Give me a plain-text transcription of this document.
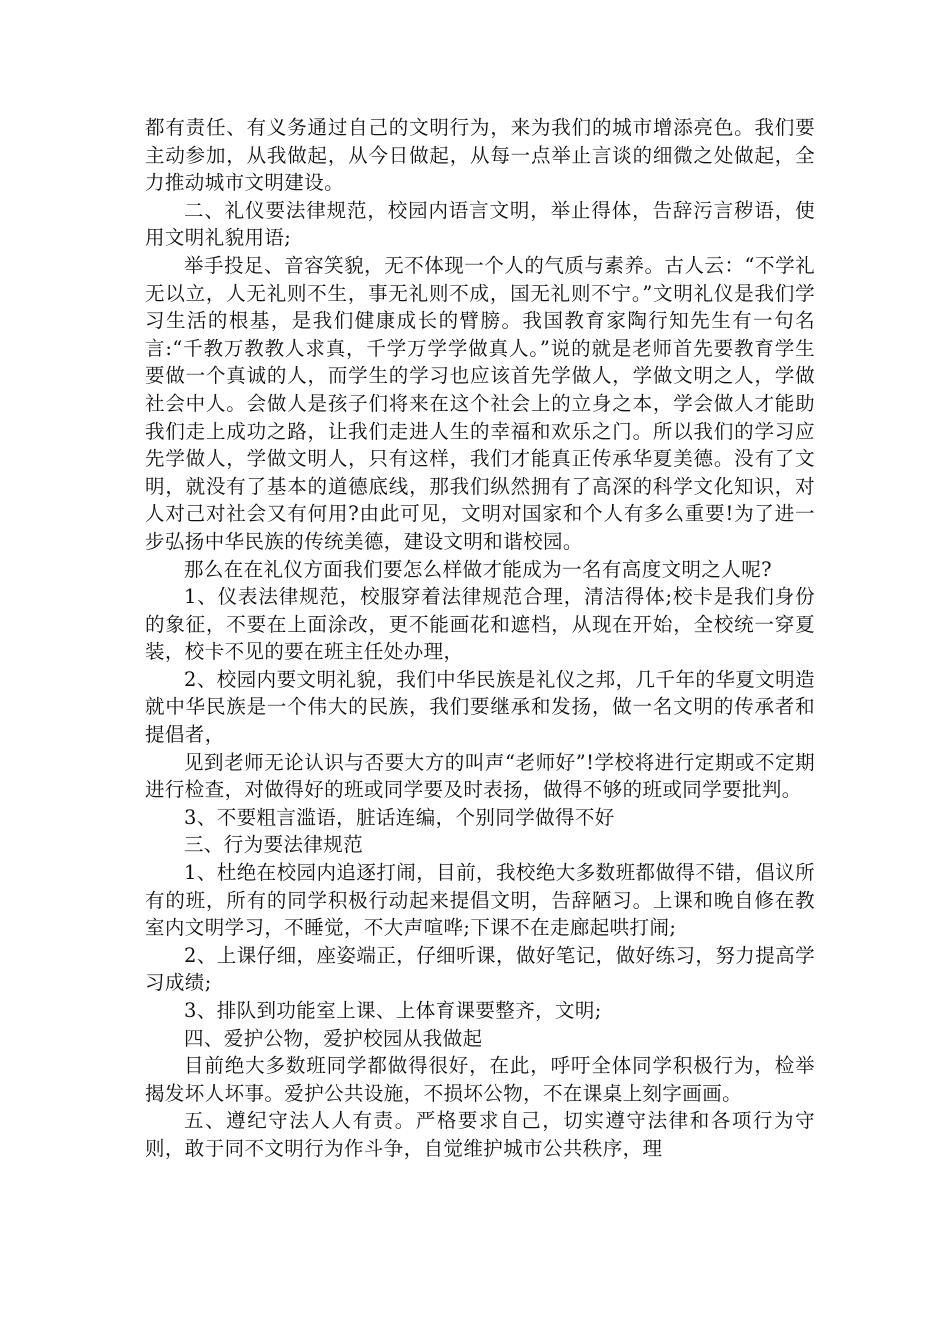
都有责任、有义务通过自己的文明行为，来为我们的城市增添亮色。我们要主动参加，从我做起，从今日做起，从每一点举止言谈的细微之处做起，全力推动城市文明建设。

二、礼仪要法律规范，校园内语言文明，举止得体，告辞污言秽语，使用文明礼貌用语;

举手投足、音容笑貌，无不体现一个人的气质与素养。古人云：“不学礼无以立，人无礼则不生，事无礼则不成，国无礼则不宁。”文明礼仪是我们学习生活的根基，是我们健康成长的臂膀。我国教育家陶行知先生有一句名言:“千教万教教人求真，千学万学学做真人。”说的就是老师首先要教育学生要做一个真诚的人，而学生的学习也应该首先学做人，学做文明之人，学做社会中人。会做人是孩子们将来在这个社会上的立身之本，学会做人才能助我们走上成功之路，让我们走进人生的幸福和欢乐之门。所以我们的学习应先学做人，学做文明人，只有这样，我们才能真正传承华夏美德。没有了文明，就没有了基本的道德底线，那我们纵然拥有了高深的科学文化知识，对人对己对社会又有何用?由此可见，文明对国家和个人有多么重要!为了进一步弘扬中华民族的传统美德，建设文明和谐校园。

那么在在礼仪方面我们要怎么样做才能成为一名有高度文明之人呢?

1、仪表法律规范，校服穿着法律规范合理，清洁得体;校卡是我们身份的象征，不要在上面涂改，更不能画花和遮档，从现在开始，全校统一穿夏装，校卡不见的要在班主任处办理，

2、校园内要文明礼貌，我们中华民族是礼仪之邦，几千年的华夏文明造就中华民族是一个伟大的民族，我们要继承和发扬，做一名文明的传承者和提倡者，

见到老师无论认识与否要大方的叫声“老师好”!学校将进行定期或不定期进行检查，对做得好的班或同学要及时表扬，做得不够的班或同学要批判。

3、不要粗言滥语，脏话连编，个别同学做得不好

三、行为要法律规范

1、杜绝在校园内追逐打闹，目前，我校绝大多数班都做得不错，倡议所有的班，所有的同学积极行动起来提倡文明，告辞陋习。上课和晚自修在教室内文明学习，不睡觉，不大声喧哗;下课不在走廊起哄打闹;

2、上课仔细，座姿端正，仔细听课，做好笔记，做好练习，努力提高学习成绩;

3、排队到功能室上课、上体育课要整齐，文明;

四、爱护公物，爱护校园从我做起

目前绝大多数班同学都做得很好，在此，呼吁全体同学积极行为，检举揭发坏人坏事。爱护公共设施，不损坏公物，不在课桌上刻字画画。

五、遵纪守法人人有责。严格要求自己，切实遵守法律和各项行为守则，敢于同不文明行为作斗争，自觉维护城市公共秩序，理
